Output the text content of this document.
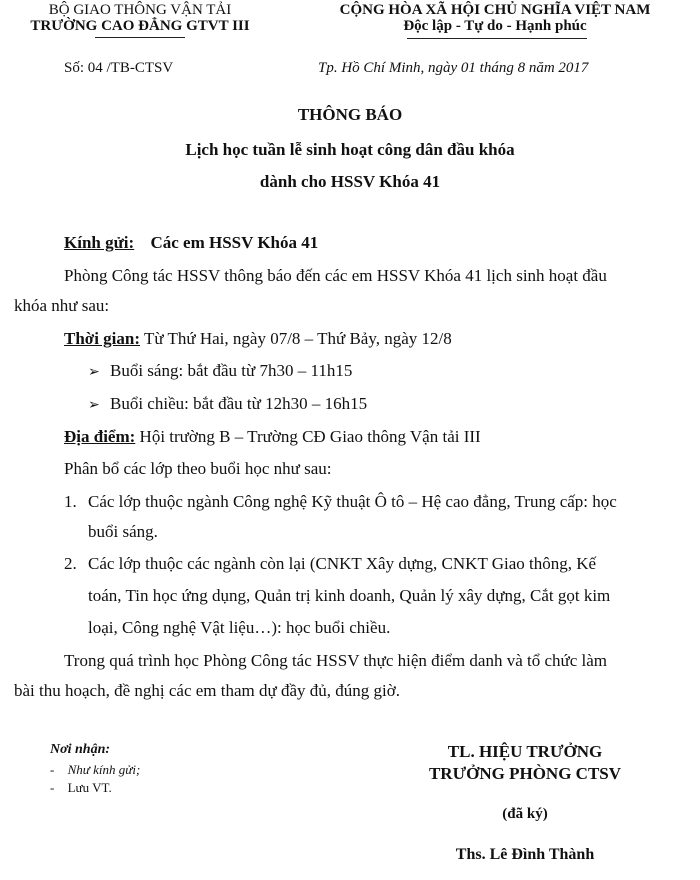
BỘ GIAO THÔNG VẬN TẢI
TRƯỜNG CAO ĐẲNG GTVT III
Số: 04 /TB-CTSV
CỘNG HÒA XÃ HỘI CHỦ NGHĨA VIỆT NAM
Độc lập - Tự do - Hạnh phúc
Tp. Hồ Chí Minh, ngày 01 tháng 8 năm 2017
THÔNG BÁO
Lịch học tuần lễ sinh hoạt công dân đầu khóa
dành cho HSSV Khóa 41
Kính gửi: Các em HSSV Khóa 41
Phòng Công tác HSSV thông báo đến các em HSSV Khóa 41 lịch sinh hoạt đầu
khóa như sau:
Thời gian: Từ Thứ Hai, ngày 07/8 – Thứ Bảy, ngày 12/8
➢ Buổi sáng: bắt đầu từ 7h30 – 11h15
➢ Buổi chiều: bắt đầu từ 12h30 – 16h15
Địa điểm: Hội trường B – Trường CĐ Giao thông Vận tải III
Phân bổ các lớp theo buổi học như sau:
1. Các lớp thuộc ngành Công nghệ Kỹ thuật Ô tô – Hệ cao đẳng, Trung cấp: học
buổi sáng.
2. Các lớp thuộc các ngành còn lại (CNKT Xây dựng, CNKT Giao thông, Kế
toán, Tin học ứng dụng, Quản trị kinh doanh, Quản lý xây dựng, Cắt gọt kim
loại, Công nghệ Vật liệu…): học buổi chiều.
Trong quá trình học Phòng Công tác HSSV thực hiện điểm danh và tổ chức làm
bài thu hoạch, đề nghị các em tham dự đầy đủ, đúng giờ.
Nơi nhận:
- Như kính gửi;
- Lưu VT.
TL. HIỆU TRƯỞNG
TRƯỞNG PHÒNG CTSV
(đã ký)
Ths. Lê Đình Thành
